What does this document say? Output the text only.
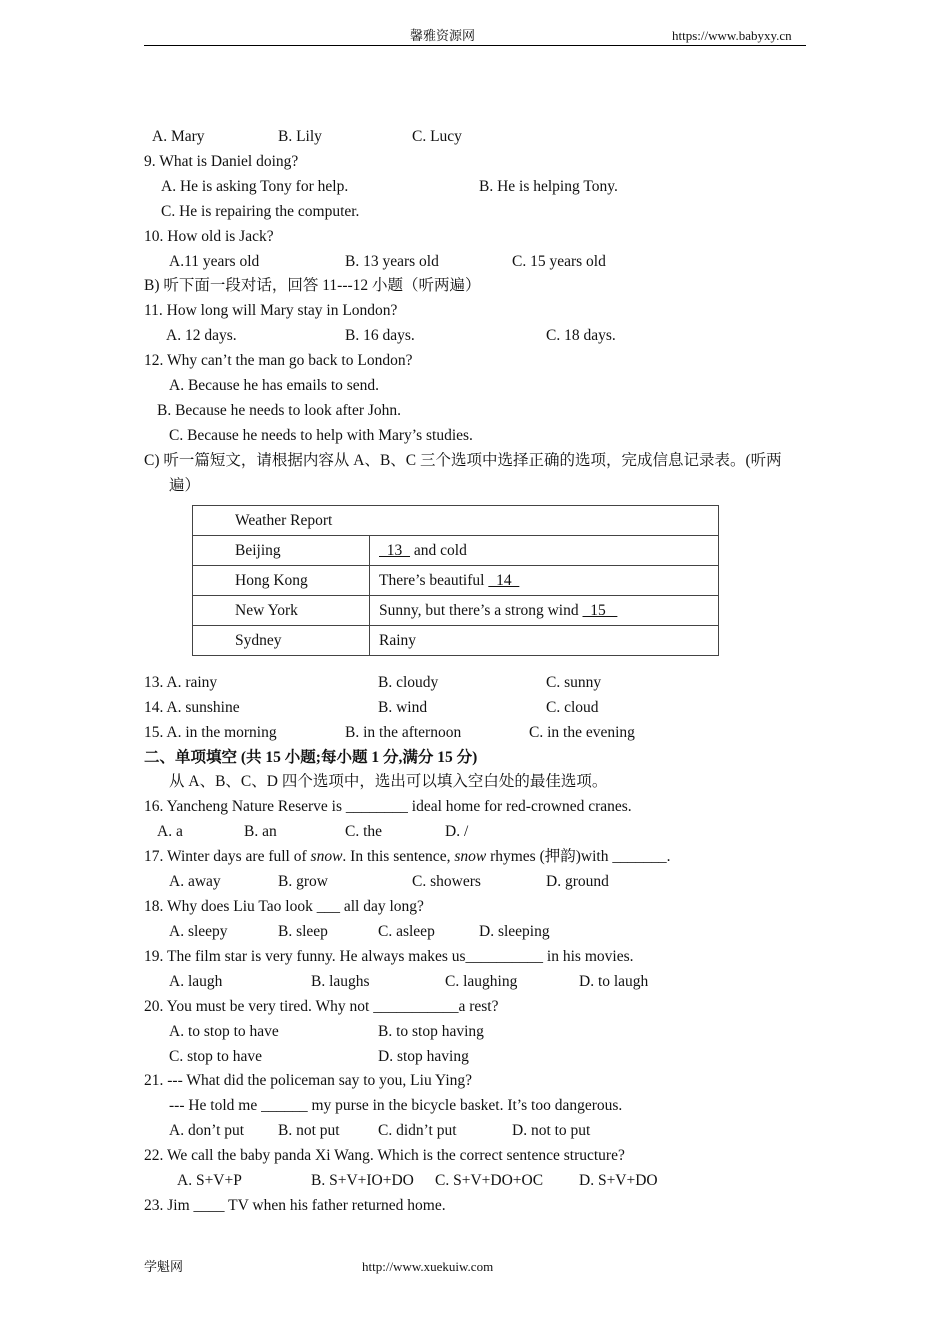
馨雅资源网	https://www.babyxy.cn
A. Mary	B. Lily	C. Lucy
9. What is Daniel doing?
A. He is asking Tony for help.	B. He is helping Tony.
C. He is repairing the computer.
10. How old is Jack?
A.11 years old	B. 13 years old	C. 15 years old
B) 听下面一段对话，回答 11---12 小题（听两遍）
11. How long will Mary stay in London?
A. 12 days.	B. 16 days.	C. 18 days.
12. Why can’t the man go back to London?
A. Because he has emails to send.
B. Because he needs to look after John.
C. Because he needs to help with Mary’s studies.
C) 听一篇短文，请根据内容从 A、B、C 三个选项中选择正确的选项，完成信息记录表。(听两
遍）
Weather Report	
Beijing	13   and cold
Hong Kong	There’s beautiful   14
New York	Sunny, but there’s a strong wind   15
Sydney	Rainy
13. A. rainy	B. cloudy	C. sunny
14. A. sunshine	B. wind	C. cloud
15. A. in the morning	B. in the afternoon	C. in the evening
二、单项填空 (共 15 小题;每小题 1 分,满分 15 分)
从 A、B、C、D 四个选项中，选出可以填入空白处的最佳选项。
16. Yancheng Nature Reserve is ________ ideal home for red-crowned cranes.
A. a	B. an	C. the	D. /
17. Winter days are full of snow. In this sentence, snow rhymes (押韵)with _______.
A. away	B. grow	C. showers	D. ground
18. Why does Liu Tao look ___ all day long?
A. sleepy	B. sleep	C. asleep	D. sleeping
19. The film star is very funny. He always makes us__________ in his movies.
A. laugh	B. laughs	C. laughing	D. to laugh
20. You must be very tired. Why not ___________a rest?
A. to stop to have	B. to stop having
C. stop to have	D. stop having
21. --- What did the policeman say to you, Liu Ying?
--- He told me ______ my purse in the bicycle basket. It’s too dangerous.
A. don’t put B. not put C. didn’t put	D. not to put
22. We call the baby panda Xi Wang. Which is the correct sentence structure?
A. S+V+P	B. S+V+IO+DO C. S+V+DO+OC D. S+V+DO
23. Jim ____ TV when his father returned home.
学魁网	http://www.xuekuiw.com
